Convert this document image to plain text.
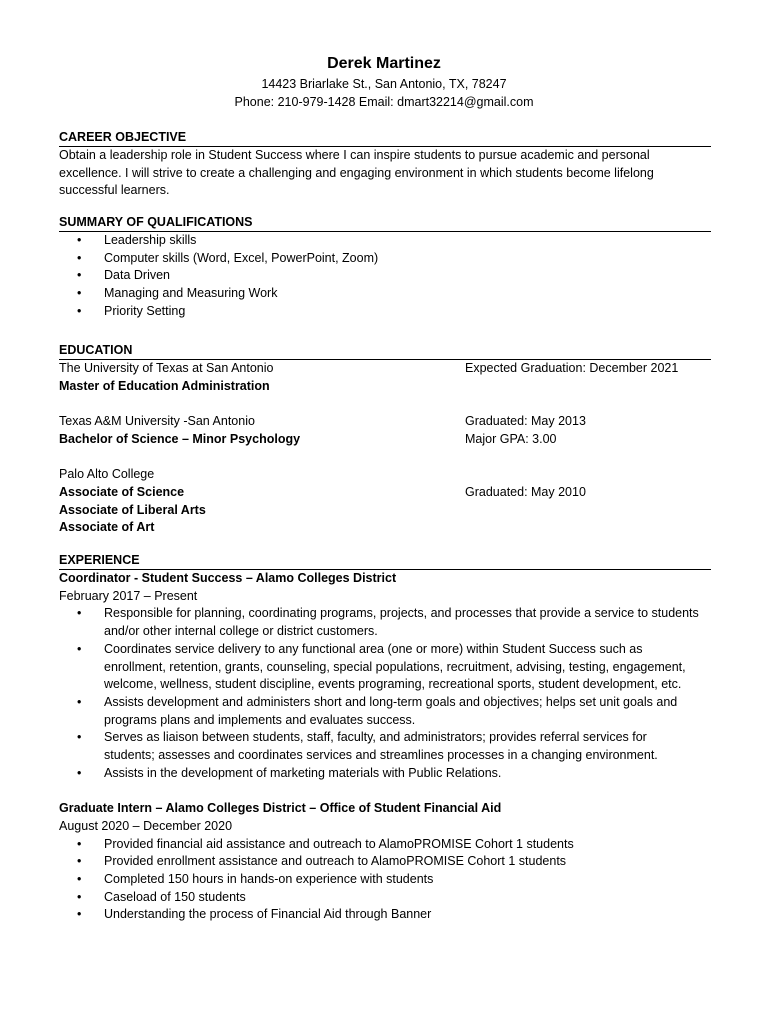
Derek Martinez
14423 Briarlake St., San Antonio, TX, 78247
Phone: 210-979-1428 Email: dmart32214@gmail.com
CAREER OBJECTIVE
Obtain a leadership role in Student Success where I can inspire students to pursue academic and personal
excellence. I will strive to create a challenging and engaging environment in which students become lifelong
successful learners.
SUMMARY OF QUALIFICATIONS
• Leadership skills
• Computer skills (Word, Excel, PowerPoint, Zoom)
• Data Driven
• Managing and Measuring Work
• Priority Setting
EDUCATION
The University of Texas at San Antonio	Expected Graduation: December 2021
Master of Education Administration
Texas A&M University -San Antonio	Graduated: May 2013
Bachelor of Science – Minor Psychology	Major GPA: 3.00
Palo Alto College
Associate of Science	Graduated: May 2010
Associate of Liberal Arts
Associate of Art
EXPERIENCE
Coordinator - Student Success – Alamo Colleges District
February 2017 – Present
• Responsible for planning, coordinating programs, projects, and processes that provide a service to students
and/or other internal college or district customers.
• Coordinates service delivery to any functional area (one or more) within Student Success such as
enrollment, retention, grants, counseling, special populations, recruitment, advising, testing, engagement,
welcome, wellness, student discipline, events programing, recreational sports, student development, etc.
• Assists development and administers short and long-term goals and objectives; helps set unit goals and
programs plans and implements and evaluates success.
• Serves as liaison between students, staff, faculty, and administrators; provides referral services for
students; assesses and coordinates services and streamlines processes in a changing environment.
• Assists in the development of marketing materials with Public Relations.
Graduate Intern – Alamo Colleges District – Office of Student Financial Aid
August 2020 – December 2020
• Provided financial aid assistance and outreach to AlamoPROMISE Cohort 1 students
• Provided enrollment assistance and outreach to AlamoPROMISE Cohort 1 students
• Completed 150 hours in hands-on experience with students
• Caseload of 150 students
• Understanding the process of Financial Aid through Banner
